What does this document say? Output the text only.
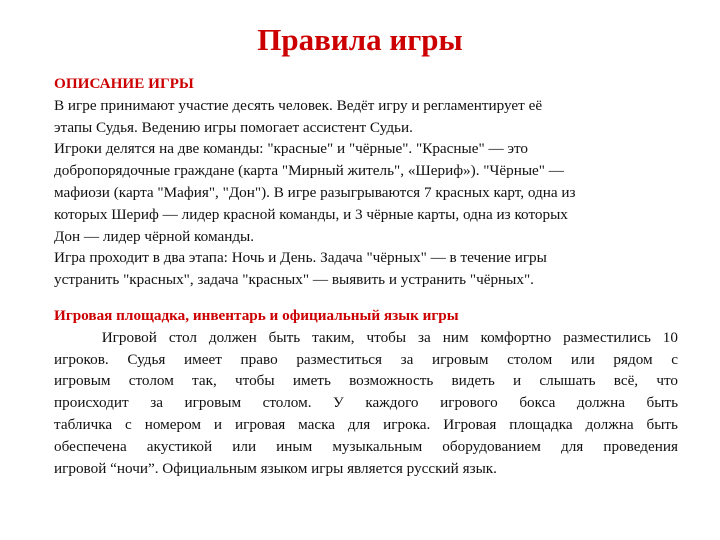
Правила игры
ОПИСАНИЕ ИГРЫ
В игре принимают участие десять человек. Ведёт игру и регламентирует её
этапы Судья. Ведению игры помогает ассистент Судьи.
Игроки делятся на две команды: "красные" и "чёрные". "Красные" — это
добропорядочные граждане (карта "Мирный житель", «Шериф»). "Чёрные" —
мафиози (карта "Мафия", "Дон"). В игре разыгрываются 7 красных карт, одна из
которых Шериф — лидер красной команды, и 3 чёрные карты, одна из которых
Дон — лидер чёрной команды.
Игра проходит в два этапа: Ночь и День. Задача "чёрных" — в течение игры
устранить "красных", задача "красных" — выявить и устранить "чёрных".
Игровая площадка, инвентарь и официальный язык игры
Игровой стол должен быть таким, чтобы за ним комфортно разместились 10
игроков. Судья имеет право разместиться за игровым столом или рядом с
игровым столом так, чтобы иметь возможность видеть и слышать всё, что
происходит за игровым столом. У каждого игрового бокса должна быть
табличка с номером и игровая маска для игрока. Игровая площадка должна быть
обеспечена акустикой или иным музыкальным оборудованием для проведения
игровой “ночи”. Официальным языком игры является русский язык.
